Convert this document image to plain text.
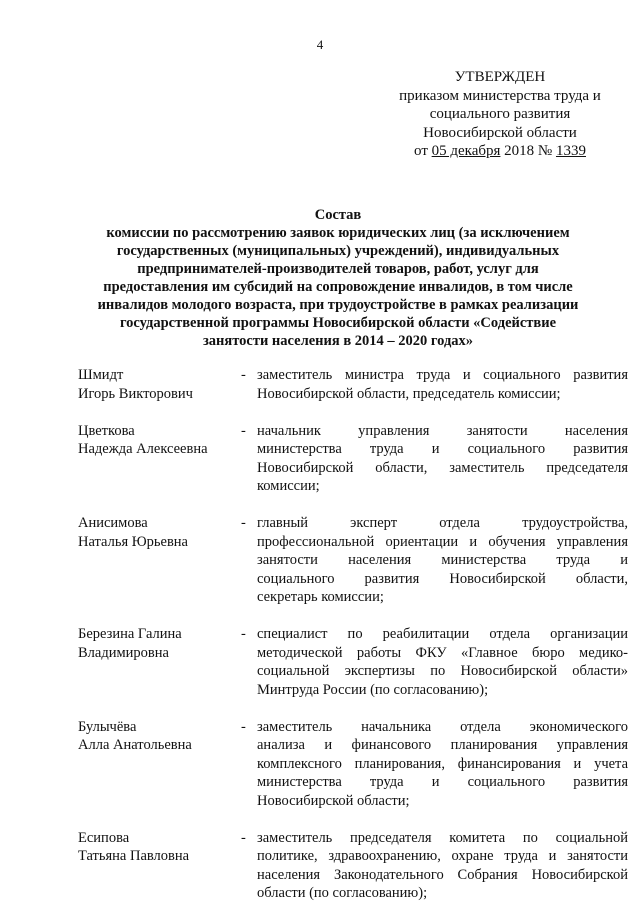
4
УТВЕРЖДЕН
приказом министерства труда и
социального развития
Новосибирской области
от 05 декабря 2018 № 1339
Состав
комиссии по рассмотрению заявок юридических лиц (за исключением
государственных (муниципальных) учреждений), индивидуальных
предпринимателей-производителей товаров, работ, услуг для
предоставления им субсидий на сопровождение инвалидов, в том числе
инвалидов молодого возраста, при трудоустройстве в рамках реализации
государственной программы Новосибирской области «Содействие
занятости населения в 2014 – 2020 годах»
Шмидт
Игорь Викторович
- заместитель министра труда и социального развития
Новосибирской области, председатель комиссии;
Цветкова
Надежда Алексеевна
- начальник управления занятости населения
министерства труда и социального развития
Новосибирской области, заместитель председателя
комиссии;
Анисимова
Наталья Юрьевна
- главный эксперт отдела трудоустройства,
профессиональной ориентации и обучения управления
занятости населения министерства труда и
социального развития Новосибирской области,
секретарь комиссии;
Березина Галина
Владимировна
- специалист по реабилитации отдела организации
методической работы ФКУ «Главное бюро медико-
социальной экспертизы по Новосибирской области»
Минтруда России (по согласованию);
Булычёва
Алла Анатольевна
- заместитель начальника отдела экономического
анализа и финансового планирования управления
комплексного планирования, финансирования и учета
министерства труда и социального развития
Новосибирской области;
Есипова
Татьяна Павловна
- заместитель председателя комитета по социальной
политике, здравоохранению, охране труда и занятости
населения Законодательного Собрания Новосибирской
области (по согласованию);
